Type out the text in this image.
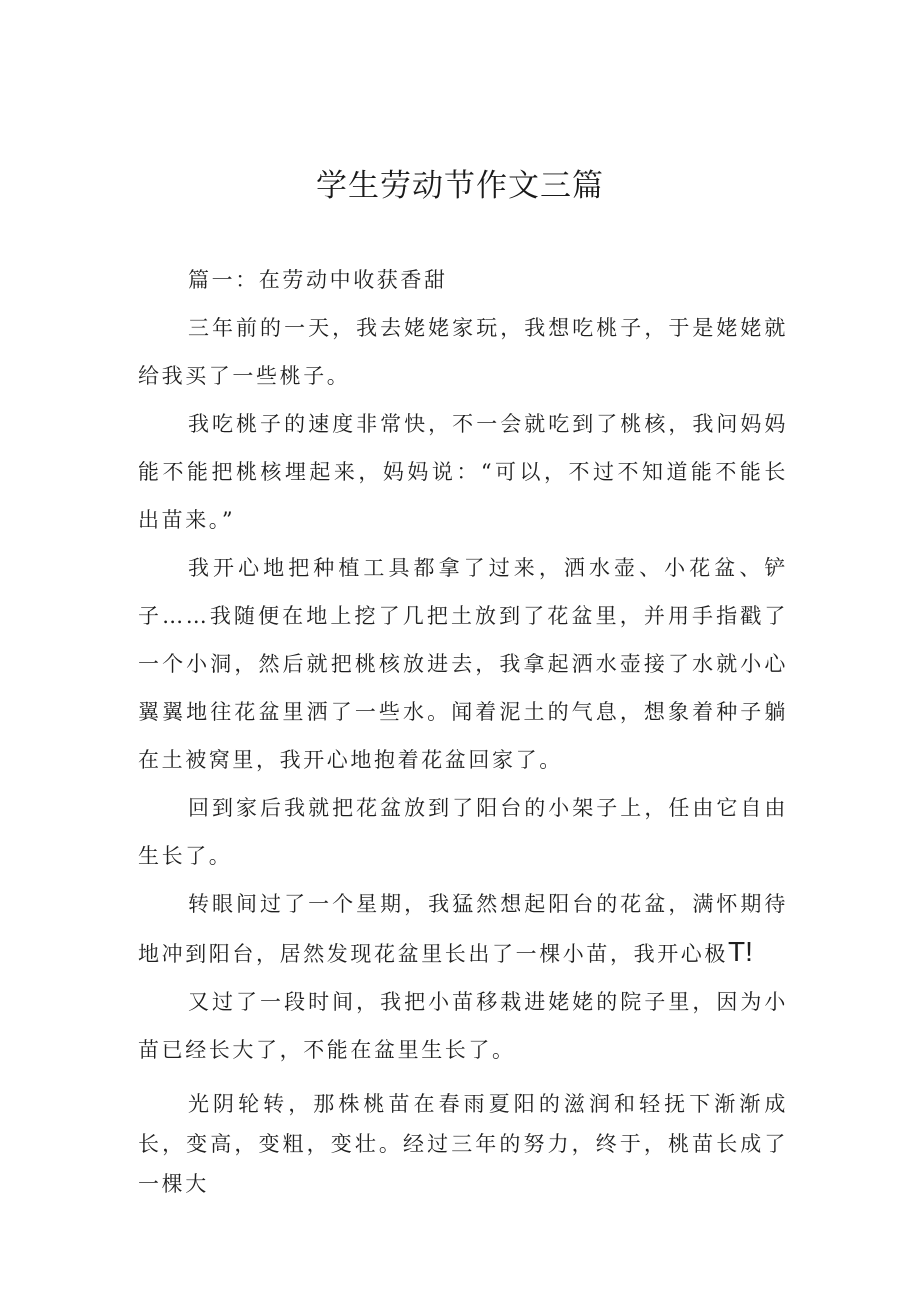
学生劳动节作文三篇

篇一：在劳动中收获香甜

三年前的一天，我去姥姥家玩，我想吃桃子，于是姥姥就给我买了一些桃子。

我吃桃子的速度非常快，不一会就吃到了桃核，我问妈妈能不能把桃核埋起来，妈妈说：“可以，不过不知道能不能长出苗来。”

我开心地把种植工具都拿了过来，洒水壶、小花盆、铲子……我随便在地上挖了几把土放到了花盆里，并用手指戳了一个小洞，然后就把桃核放进去，我拿起洒水壶接了水就小心翼翼地往花盆里洒了一些水。闻着泥土的气息，想象着种子躺在土被窝里，我开心地抱着花盆回家了。

回到家后我就把花盆放到了阳台的小架子上，任由它自由生长了。

转眼间过了一个星期，我猛然想起阳台的花盆，满怀期待地冲到阳台，居然发现花盆里长出了一棵小苗，我开心极T!

又过了一段时间，我把小苗移栽进姥姥的院子里，因为小苗已经长大了，不能在盆里生长了。

光阴轮转，那株桃苗在春雨夏阳的滋润和轻抚下渐渐成长，变高，变粗，变壮。经过三年的努力，终于，桃苗长成了一棵大
